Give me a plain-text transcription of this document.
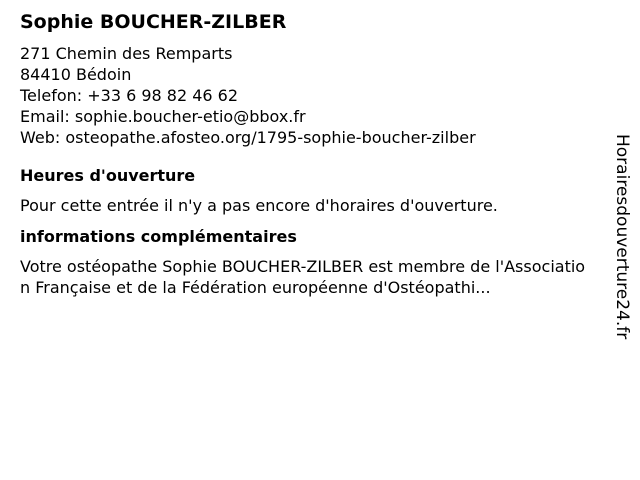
Sophie BOUCHER-ZILBER
271 Chemin des Remparts
84410 Bédoin
Telefon: +33 6 98 82 46 62
Email: sophie.boucher-etio@bbox.fr
Web: osteopathe.afosteo.org/1795-sophie-boucher-zilber
Heures d'ouverture
Pour cette entrée il n'y a pas encore d'horaires d'ouverture.
informations complémentaires
Votre ostéopathe Sophie BOUCHER-ZILBER est membre de l'Association Française et de la Fédération européenne d'Ostéopathi...	Horairesdouverture24.fr
